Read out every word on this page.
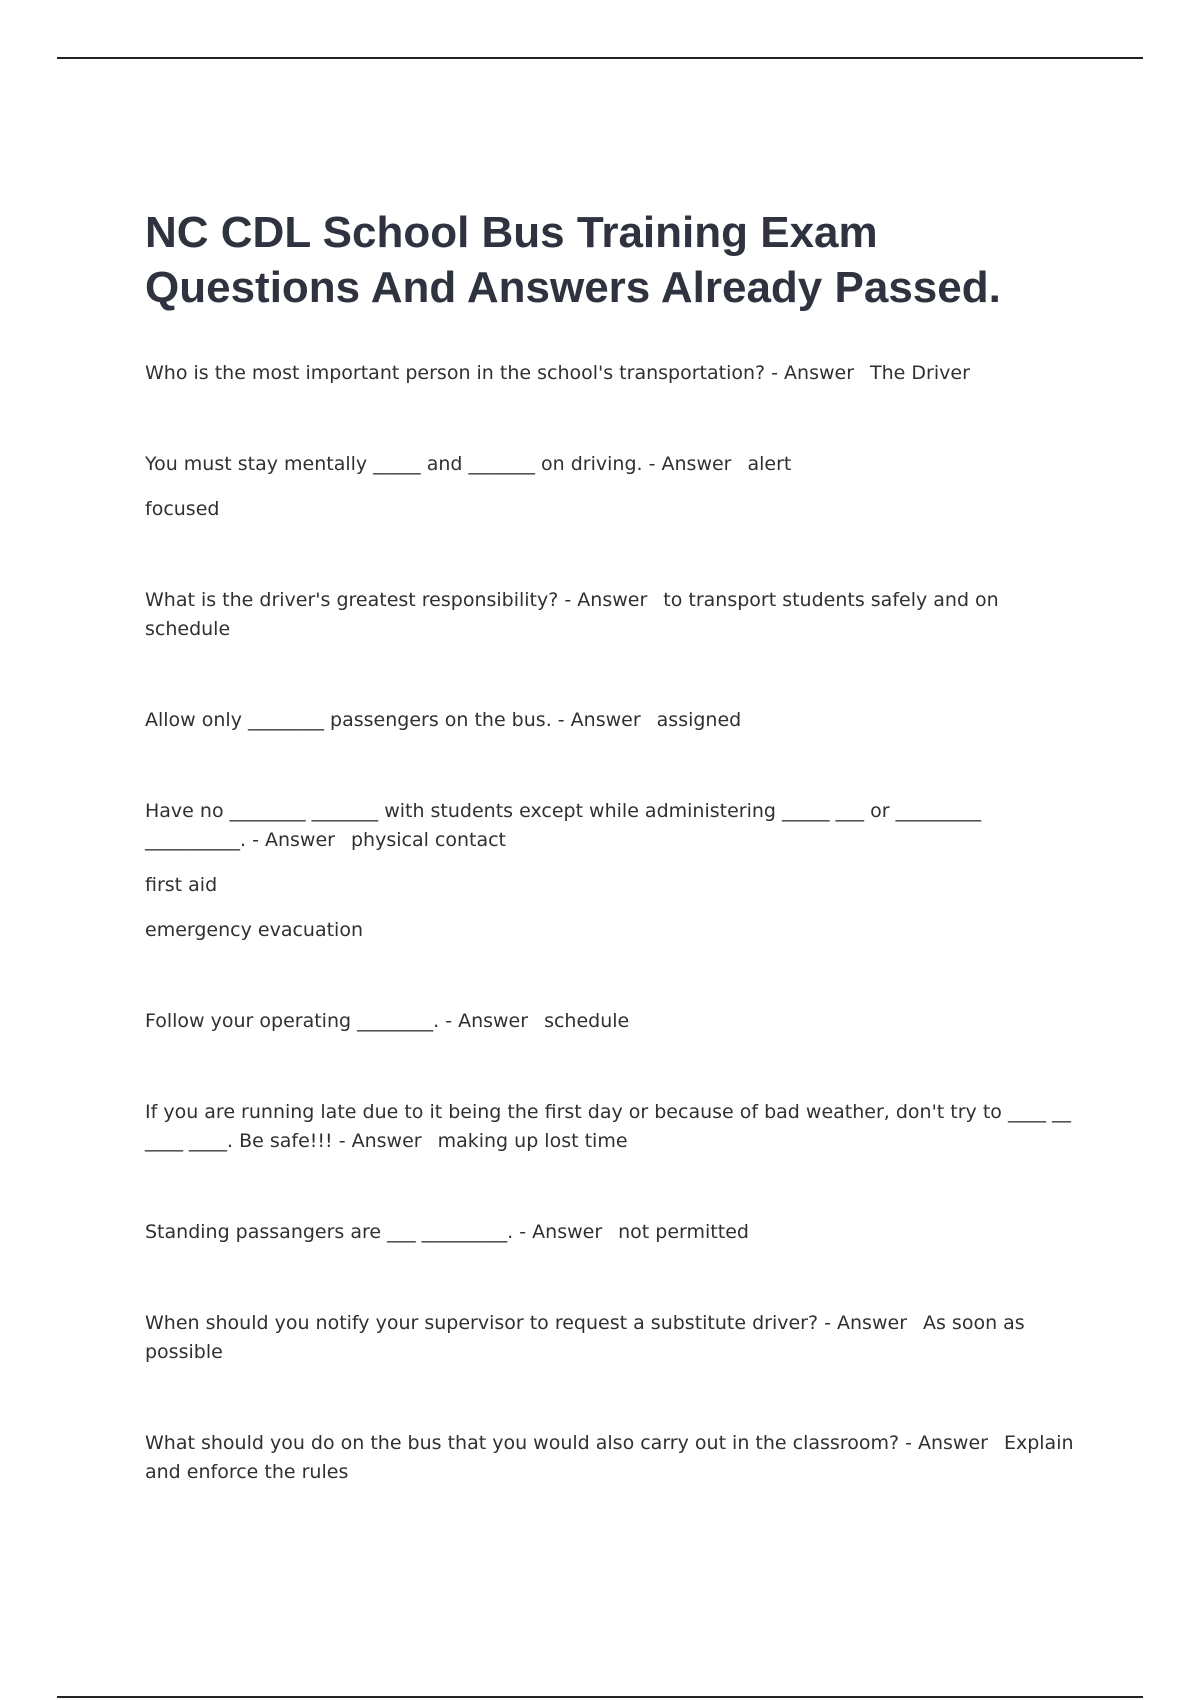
NC CDL School Bus Training Exam
Questions And Answers Already Passed.

Who is the most important person in the school's transportation? - Answer The Driver

You must stay mentally _____ and _______ on driving. - Answer alert

focused

What is the driver's greatest responsibility? - Answer to transport students safely and on schedule

Allow only ________ passengers on the bus. - Answer assigned

Have no ________ _______ with students except while administering _____ ___ or _________ __________. - Answer physical contact

first aid

emergency evacuation

Follow your operating ________. - Answer schedule

If you are running late due to it being the first day or because of bad weather, don't try to ____ __ ____ ____. Be safe!!! - Answer making up lost time

Standing passangers are ___ _________. - Answer not permitted

When should you notify your supervisor to request a substitute driver? - Answer As soon as possible

What should you do on the bus that you would also carry out in the classroom? - Answer Explain and enforce the rules
